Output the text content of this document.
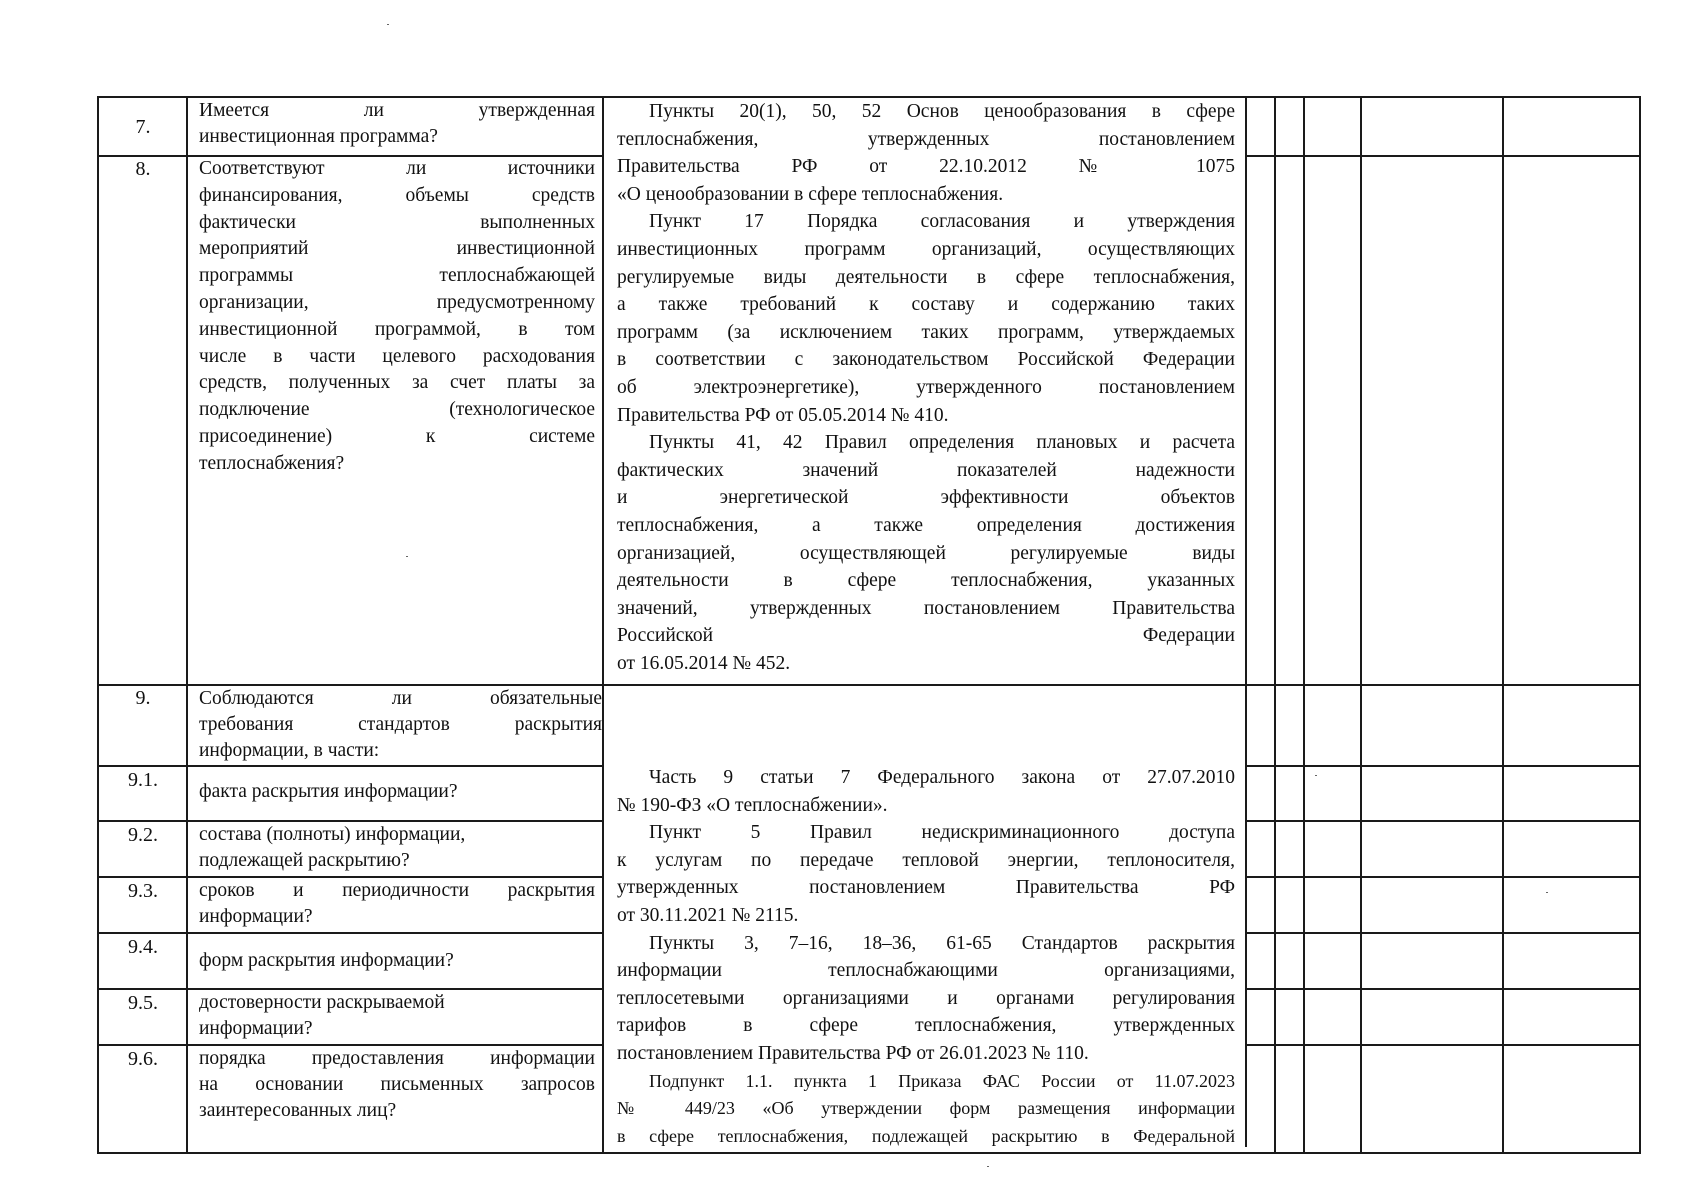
7.
8.
9.
9.1.
9.2.
9.3.
9.4.
9.5.
9.6.
Имеется ли утвержденная
инвестиционная программа?
Соответствуют ли источники
финансирования, объемы средств
фактически выполненных
мероприятий инвестиционной
программы теплоснабжающей
организации, предусмотренному
инвестиционной программой, в том
числе в части целевого расходования
средств, полученных за счет платы за
подключение (технологическое
присоединение) к системе
теплоснабжения?
Соблюдаются ли обязательные
требования стандартов раскрытия
информации, в части:
факта раскрытия информации?
состава (полноты) информации,
подлежащей раскрытию?
сроков и периодичности раскрытия
информации?
форм раскрытия информации?
достоверности раскрываемой
информации?
порядка предоставления информации
на основании письменных запросов
заинтересованных лиц?
Пункты 20(1), 50, 52 Основ ценообразования в сфере
теплоснабжения, утвержденных постановлением
Правительства РФ от 22.10.2012 № 1075
«О ценообразовании в сфере теплоснабжения.
Пункт 17 Порядка согласования и утверждения
инвестиционных программ организаций, осуществляющих
регулируемые виды деятельности в сфере теплоснабжения,
а также требований к составу и содержанию таких
программ (за исключением таких программ, утверждаемых
в соответствии с законодательством Российской Федерации
об электроэнергетике), утвержденного постановлением
Правительства РФ от 05.05.2014 № 410.
Пункты 41, 42 Правил определения плановых и расчета
фактических значений показателей надежности
и энергетической эффективности объектов
теплоснабжения, а также определения достижения
организацией, осуществляющей регулируемые виды
деятельности в сфере теплоснабжения, указанных
значений, утвержденных постановлением Правительства
Российской Федерации
от 16.05.2014 № 452.
Часть 9 статьи 7 Федерального закона от 27.07.2010
№ 190-ФЗ «О теплоснабжении».
Пункт 5 Правил недискриминационного доступа
к услугам по передаче тепловой энергии, теплоносителя,
утвержденных постановлением Правительства РФ
от 30.11.2021 № 2115.
Пункты 3, 7–16, 18–36, 61-65 Стандартов раскрытия
информации теплоснабжающими организациями,
теплосетевыми организациями и органами регулирования
тарифов в сфере теплоснабжения, утвержденных
постановлением Правительства РФ от 26.01.2023 № 110.
Подпункт 1.1. пункта 1 Приказа ФАС России от 11.07.2023
№ 449/23 «Об утверждении форм размещения информации
в сфере теплоснабжения, подлежащей раскрытию в Федеральной
